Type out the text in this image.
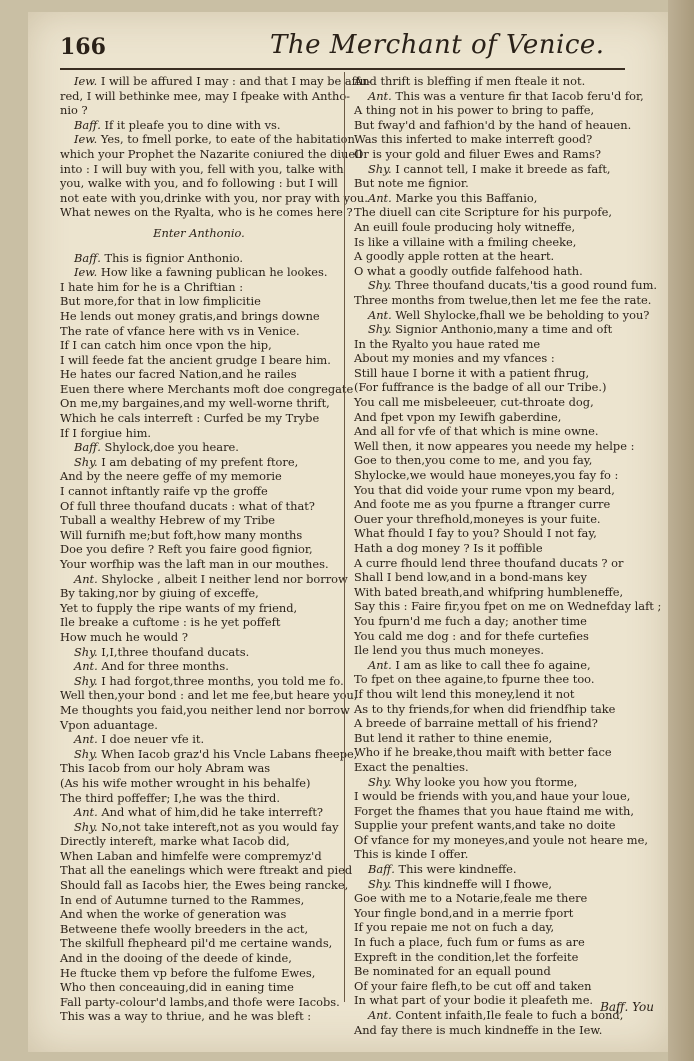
166	The Merchant of Venice.
Iew. I will be affured I may : and that I may be affu-
red, I will bethinke mee, may I fpeake with Antho-
nio ?
Baff. If it pleafe you to dine with vs.
Iew. Yes, to fmell porke, to eate of the habitation
which your Prophet the Nazarite coniured the diuell
into : I will buy with you, fell with you, talke with
you, walke with you, and fo following : but I will
not eate with you,drinke with you, nor pray with you.
What newes on the Ryalta, who is he comes here ?
Enter Anthonio.
Baff. This is fignior Anthonio.
Iew. How like a fawning publican he lookes.
I hate him for he is a Chriftian :
But more,for that in low fimplicitie
He lends out money gratis,and brings downe
The rate of vfance here with vs in Venice.
If I can catch him once vpon the hip,
I will feede fat the ancient grudge I beare him.
He hates our facred Nation,and he railes
Euen there where Merchants moft doe congregate
On me,my bargaines,and my well-worne thrift,
Which he cals interreft : Curfed be my Trybe
If I forgiue him.
Baff. Shylock,doe you heare.
Shy. I am debating of my prefent ftore,
And by the neere geffe of my memorie
I cannot inftantly raife vp the groffe
Of full three thoufand ducats : what of that?
Tuball a wealthy Hebrew of my Tribe
Will furnifh me;but foft,how many months
Doe you defire ? Reft you faire good fignior,
Your worfhip was the laft man in our mouthes.
Ant. Shylocke , albeit I neither lend nor borrow
By taking,nor by giuing of exceffe,
Yet to fupply the ripe wants of my friend,
Ile breake a cuftome : is he yet poffeft
How much he would ?
Shy. I,I,three thoufand ducats.
Ant. And for three months.
Shy. I had forgot,three months, you told me fo.
Well then,your bond : and let me fee,but heare you,
Me thoughts you faid,you neither lend nor borrow
Vpon aduantage.
Ant. I doe neuer vfe it.
Shy. When Iacob graz'd his Vncle Labans fheepe,
This Iacob from our holy Abram was
(As his wife mother wrought in his behalfe)
The third poffeffer; I,he was the third.
Ant. And what of him,did he take interreft?
Shy. No,not take intereft,not as you would fay
Directly intereft, marke what Iacob did,
When Laban and himfelfe were compremyz'd
That all the eanelings which were ftreakt and pied
Should fall as Iacobs hier, the Ewes being rancke,
In end of Autumne turned to the Rammes,
And when the worke of generation was
Betweene thefe woolly breeders in the act,
The skilfull fhepheard pil'd me certaine wands,
And in the dooing of the deede of kinde,
He ftucke them vp before the fulfome Ewes,
Who then conceauing,did in eaning time
Fall party-colour'd lambs,and thofe were Iacobs.
This was a way to thriue, and he was bleft :
And thrift is bleffing if men fteale it not.
Ant. This was a venture fir that Iacob feru'd for,
A thing not in his power to bring to paffe,
But fway'd and fafhion'd by the hand of heauen.
Was this inferted to make interreft good?
Or is your gold and filuer Ewes and Rams?
Shy. I cannot tell, I make it breede as faft,
But note me fignior.
Ant. Marke you this Baffanio,
The diuell can cite Scripture for his purpofe,
An euill foule producing holy witneffe,
Is like a villaine with a fmiling cheeke,
A goodly apple rotten at the heart.
O what a goodly outfide falfehood hath.
Shy. Three thoufand ducats,'tis a good round fum.
Three months from twelue,then let me fee the rate.
Ant. Well Shylocke,fhall we be beholding to you?
Shy. Signior Anthonio,many a time and oft
In the Ryalto you haue rated me
About my monies and my vfances :
Still haue I borne it with a patient fhrug,
(For fuffrance is the badge of all our Tribe.)
You call me misbeleeuer, cut-throate dog,
And fpet vpon my Iewifh gaberdine,
And all for vfe of that which is mine owne.
Well then, it now appeares you neede my helpe :
Goe to then,you come to me, and you fay,
Shylocke,we would haue moneyes,you fay fo :
You that did voide your rume vpon my beard,
And foote me as you fpurne a ftranger curre
Ouer your threfhold,moneyes is your fuite.
What fhould I fay to you? Should I not fay,
Hath a dog money ? Is it poffible
A curre fhould lend three thoufand ducats ? or
Shall I bend low,and in a bond-mans key
With bated breath,and whifpring humbleneffe,
Say this : Faire fir,you fpet on me on Wednefday laft ;
You fpurn'd me fuch a day; another time
You cald me dog : and for thefe curtefies
Ile lend you thus much moneyes.
Ant. I am as like to call thee fo againe,
To fpet on thee againe,to fpurne thee too.
If thou wilt lend this money,lend it not
As to thy friends,for when did friendfhip take
A breede of barraine mettall of his friend?
But lend it rather to thine enemie,
Who if he breake,thou maift with better face
Exact the penalties.
Shy. Why looke you how you ftorme,
I would be friends with you,and haue your loue,
Forget the fhames that you haue ftaind me with,
Supplie your prefent wants,and take no doite
Of vfance for my moneyes,and youle not heare me,
This is kinde I offer.
Baff. This were kindneffe.
Shy. This kindneffe will I fhowe,
Goe with me to a Notarie,feale me there
Your fingle bond,and in a merrie fport
If you repaie me not on fuch a day,
In fuch a place, fuch fum or fums as are
Expreft in the condition,let the forfeite
Be nominated for an equall pound
Of your faire flefh,to be cut off and taken
In what part of your bodie it pleafeth me.
Ant. Content infaith,Ile feale to fuch a bond,
And fay there is much kindneffe in the Iew.
Baff. You
